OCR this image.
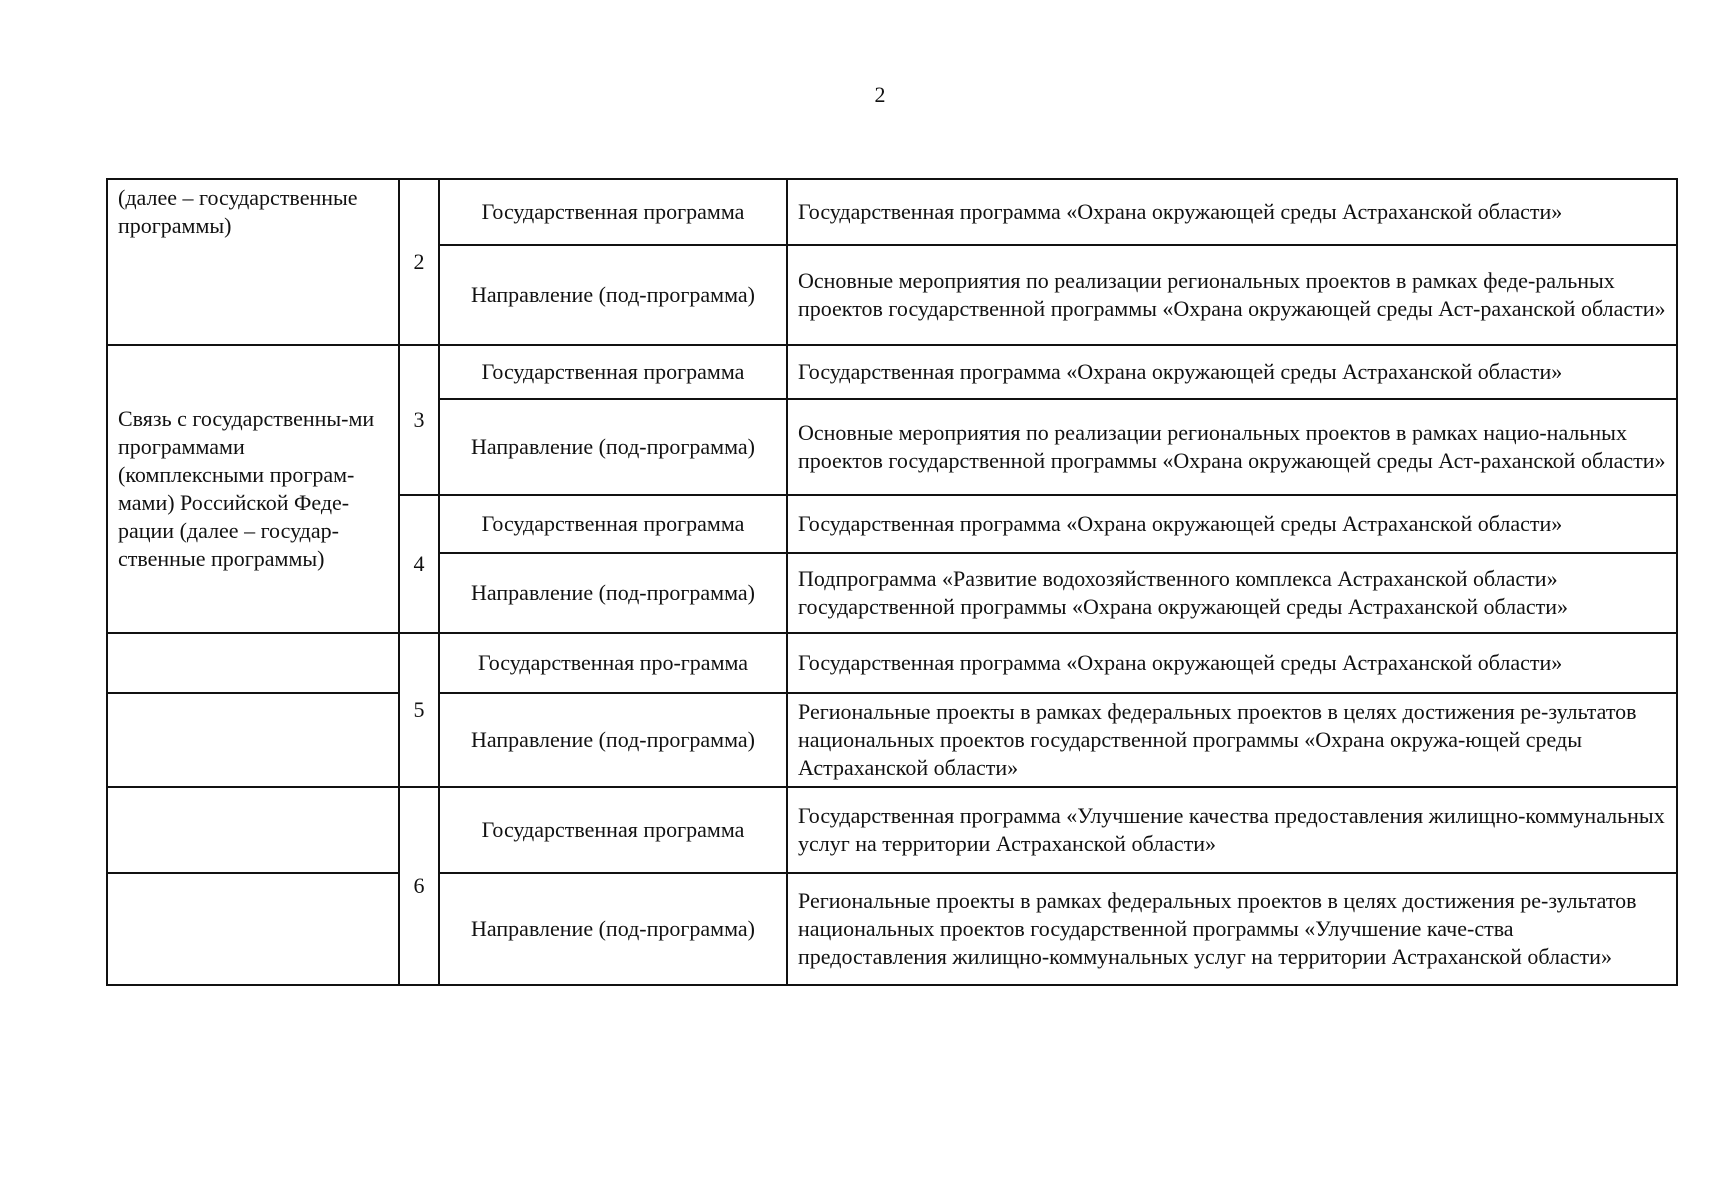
2
(далее – государственные программы)	2	Государственная программа	Государственная программа «Охрана окружающей среды Астраханской области»
		Направление (под-программа)	Основные мероприятия по реализации региональных проектов в рамках феде-ральных проектов государственной программы «Охрана окружающей среды Аст-раханской области»
Связь с государственны-ми программами (комплексными програм-мами) Российской Феде-рации (далее – государ-ственные программы)	3	Государственная программа	Государственная программа «Охрана окружающей среды Астраханской области»
		Направление (под-программа)	Основные мероприятия по реализации региональных проектов в рамках нацио-нальных проектов государственной программы «Охрана окружающей среды Аст-раханской области»
	4	Государственная программа	Государственная программа «Охрана окружающей среды Астраханской области»
		Направление (под-программа)	Подпрограмма «Развитие водохозяйственного комплекса Астраханской области» государственной программы «Охрана окружающей среды Астраханской области»
	5	Государственная про-грамма	Государственная программа «Охрана окружающей среды Астраханской области»
		Направление (под-программа)	Региональные проекты в рамках федеральных проектов в целях достижения ре-зультатов национальных проектов государственной программы «Охрана окружа-ющей среды Астраханской области»
	6	Государственная программа	Государственная программа «Улучшение качества предоставления жилищно-коммунальных услуг на территории Астраханской области»
		Направление (под-программа)	Региональные проекты в рамках федеральных проектов в целях достижения ре-зультатов национальных проектов государственной программы «Улучшение каче-ства предоставления жилищно-коммунальных услуг на территории Астраханской области»
